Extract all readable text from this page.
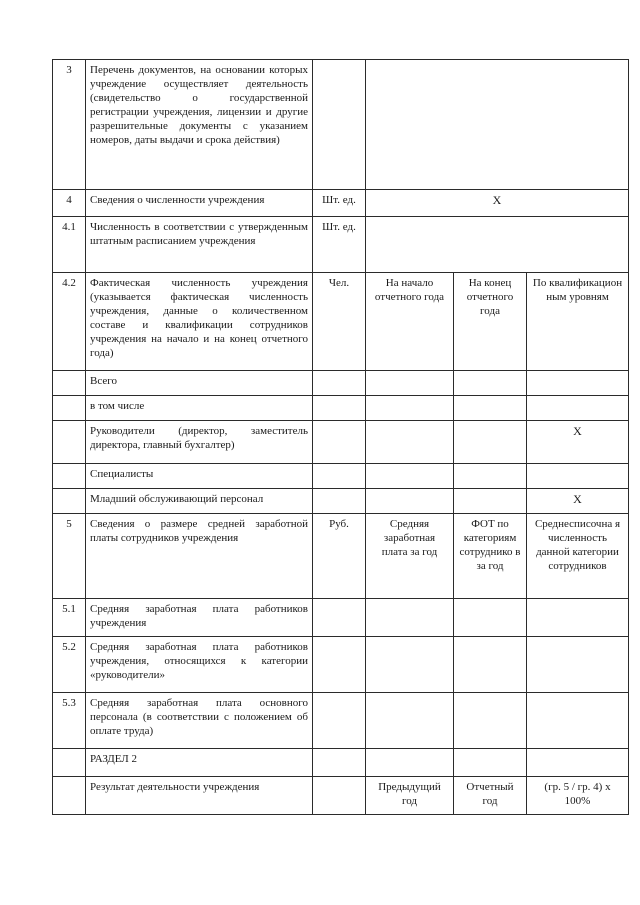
3	Перечень документов, на основании которых учреждение осуществляет деятельность (свидетельство о государственной регистрации учреждения, лицензии и другие разрешительные документы с указанием номеров, даты выдачи и срока действия)				
4	Сведения о численности учреждения	Шт. ед.	X		
4.1	Численность в соответствии с утвержденным штатным расписанием учреждения	Шт. ед.			
4.2	Фактическая численность учреждения (указывается фактическая численность учреждения, данные о количественном составе и квалификации сотрудников учреждения на начало и на конец отчетного года)	Чел.	На начало отчетного года	На конец отчетного года	По квалификацион ным уровням
	Всего				
	в том числе				
	Руководители (директор, заместитель директора, главный бухгалтер)				X
	Специалисты				
	Младший обслуживающий персонал				X
5	Сведения о размере средней заработной платы сотрудников учреждения	Руб.	Средняя заработная плата за год	ФОТ по категориям сотруднико в за год	Среднесписочна я численность данной категории сотрудников
5.1	Средняя заработная плата работников учреждения				
5.2	Средняя заработная плата работников учреждения, относящихся к категории «руководители»				
5.3	Средняя заработная плата основного персонала (в соответствии с положением об оплате труда)				
	РАЗДЕЛ 2				
	Результат деятельности учреждения		Предыдущий год	Отчетный год	(гр. 5 / гр. 4) x 100%
